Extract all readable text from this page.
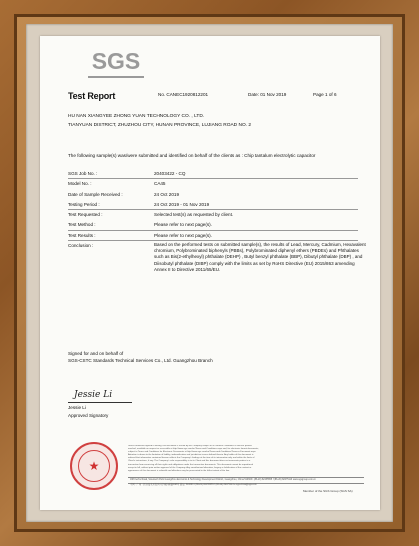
SGS
Test Report	No. CANEC1920812201	Date: 01 Nov 2019	Page 1 of 6
HU NAN XIANGYEE ZHONG YUAN TECHNOLOGY CO. , LTD.
TIANYUAN DISTRICT, ZHUZHOU CITY, HUNAN PROVINCE, LUJIANG ROAD NO. 2
The following sample(s) was/were submitted and identified on behalf of the clients as : Chip tantalum electrolytic capacitor
SGS Job No. :	20403422 - CQ
Model No. :	CA45
Date of Sample Received :	24 Oct 2019
Testing Period :	24 Oct 2019 - 01 Nov 2019
Test Requested :	Selected test(s) as requested by client.
Test Method :	Please refer to next page(s).
Test Results :	Please refer to next page(s).
Conclusion :	Based on the performed tests on submitted sample(s), the results of Lead, Mercury, Cadmium, Hexavalent chromium, Polybrominated biphenyls (PBBs), Polybrominated diphenyl ethers (PBDEs) and Phthalates such as Bis(2-ethylhexyl) phthalate (DEHP) , Butyl benzyl phthalate (BBP), Dibutyl phthalate (DBP) , and Diisobutyl phthalate (DIBP) comply with the limits as set by RoHS Directive (EU) 2015/863 amending Annex II to Directive 2011/65/EU.
Signed for and on behalf of
SGS-CSTC Standards Technical Services Co., Ltd. Guangzhou Branch
Jessie Li
Jessie Li
Approved Signatory
★
Unless otherwise agreed in writing, this document is issued by the Company subject to its General Conditions of Service printed
overleaf, available on request or accessible at http://www.sgs.com/en/Terms-and-Conditions.aspx and, for electronic format documents,
subject to Terms and Conditions for Electronic Documents at http://www.sgs.com/en/Terms-and-Conditions/Terms-e-Document.aspx.
Attention is drawn to the limitation of liability, indemnification and jurisdiction issues defined therein. Any holder of this document is
advised that information contained hereon reflects the Company's findings at the time of its intervention only and within the limits of
Client's instructions, if any. The Company's sole responsibility is to its Client and this document does not exonerate parties to a
transaction from exercising all their rights and obligations under the transaction documents. This document cannot be reproduced
except in full, without prior written approval of the Company. Any unauthorized alteration, forgery or falsification of the content or
appearance of this document is unlawful and offenders may be prosecuted to the fullest extent of the law.
198 Kezhu Road, Scientech Park Guangzhou Economic & Technology Development District, Guangzhou, China 510663 t (86-20) 82155555 f (86-20) 82075113 www.sgsgroup.com.cn
中国 · 广州 · 经济技术开发区科学城科珠路198号 邮编: 510663 t (86-20) 82155555 f (86-20) 82075113 e sgs.china@sgs.com
Member of the SGS Group (SGS SA)
